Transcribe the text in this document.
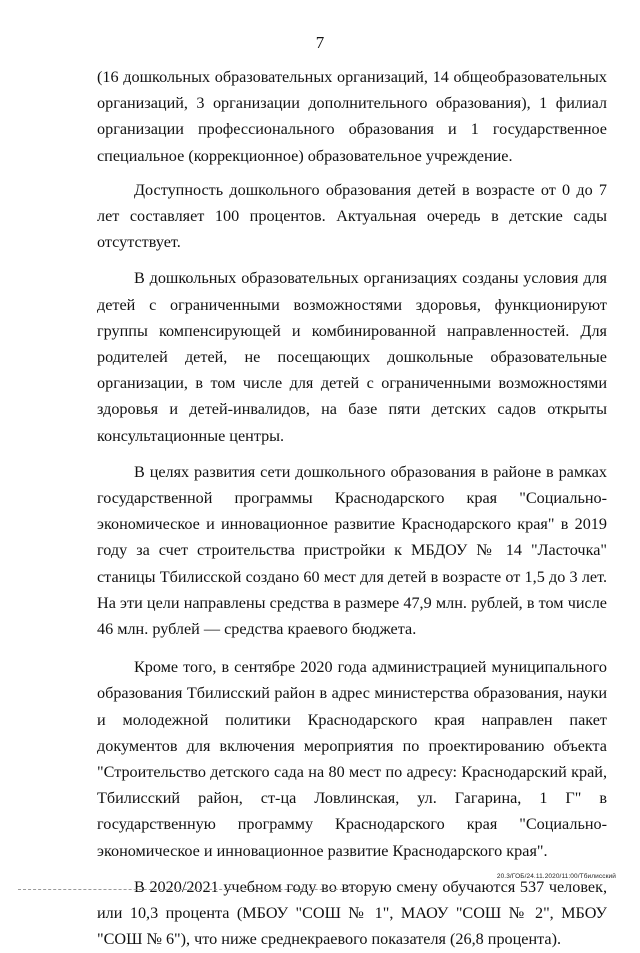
7

(16 дошкольных образовательных организаций, 14 общеобразовательных организаций, 3 организации дополнительного образования), 1 филиал организации профессионального образования и 1 государственное специальное (коррекционное) образовательное учреждение.

Доступность дошкольного образования детей в возрасте от 0 до 7 лет составляет 100 процентов. Актуальная очередь в детские сады отсутствует.

В дошкольных образовательных организациях созданы условия для детей с ограниченными возможностями здоровья, функционируют группы компенсирующей и комбинированной направленностей. Для родителей детей, не посещающих дошкольные образовательные организации, в том числе для детей с ограниченными возможностями здоровья и детей-инвалидов, на базе пяти детских садов открыты консультационные центры.

В целях развития сети дошкольного образования в районе в рамках государственной программы Краснодарского края "Социально-экономическое и инновационное развитие Краснодарского края" в 2019 году за счет строительства пристройки к МБДОУ № 14 "Ласточка" станицы Тбилисской создано 60 мест для детей в возрасте от 1,5 до 3 лет. На эти цели направлены средства в размере 47,9 млн. рублей, в том числе 46 млн. рублей — средства краевого бюджета.

Кроме того, в сентябре 2020 года администрацией муниципального образования Тбилисский район в адрес министерства образования, науки и молодежной политики Краснодарского края направлен пакет документов для включения мероприятия по проектированию объекта "Строительство детского сада на 80 мест по адресу: Краснодарский край, Тбилисский район, ст-ца Ловлинская, ул. Гагарина, 1 Г" в государственную программу Краснодарского края "Социально-экономическое и инновационное развитие Краснодарского края".

В 2020/2021 учебном году во вторую смену обучаются 537 человек, или 10,3 процента (МБОУ "СОШ № 1", МАОУ "СОШ № 2", МБОУ "СОШ № 6"), что ниже среднекраевого показателя (26,8 процента).

20.3/ГОБ/24.11.2020/11:00/Тбилисский
